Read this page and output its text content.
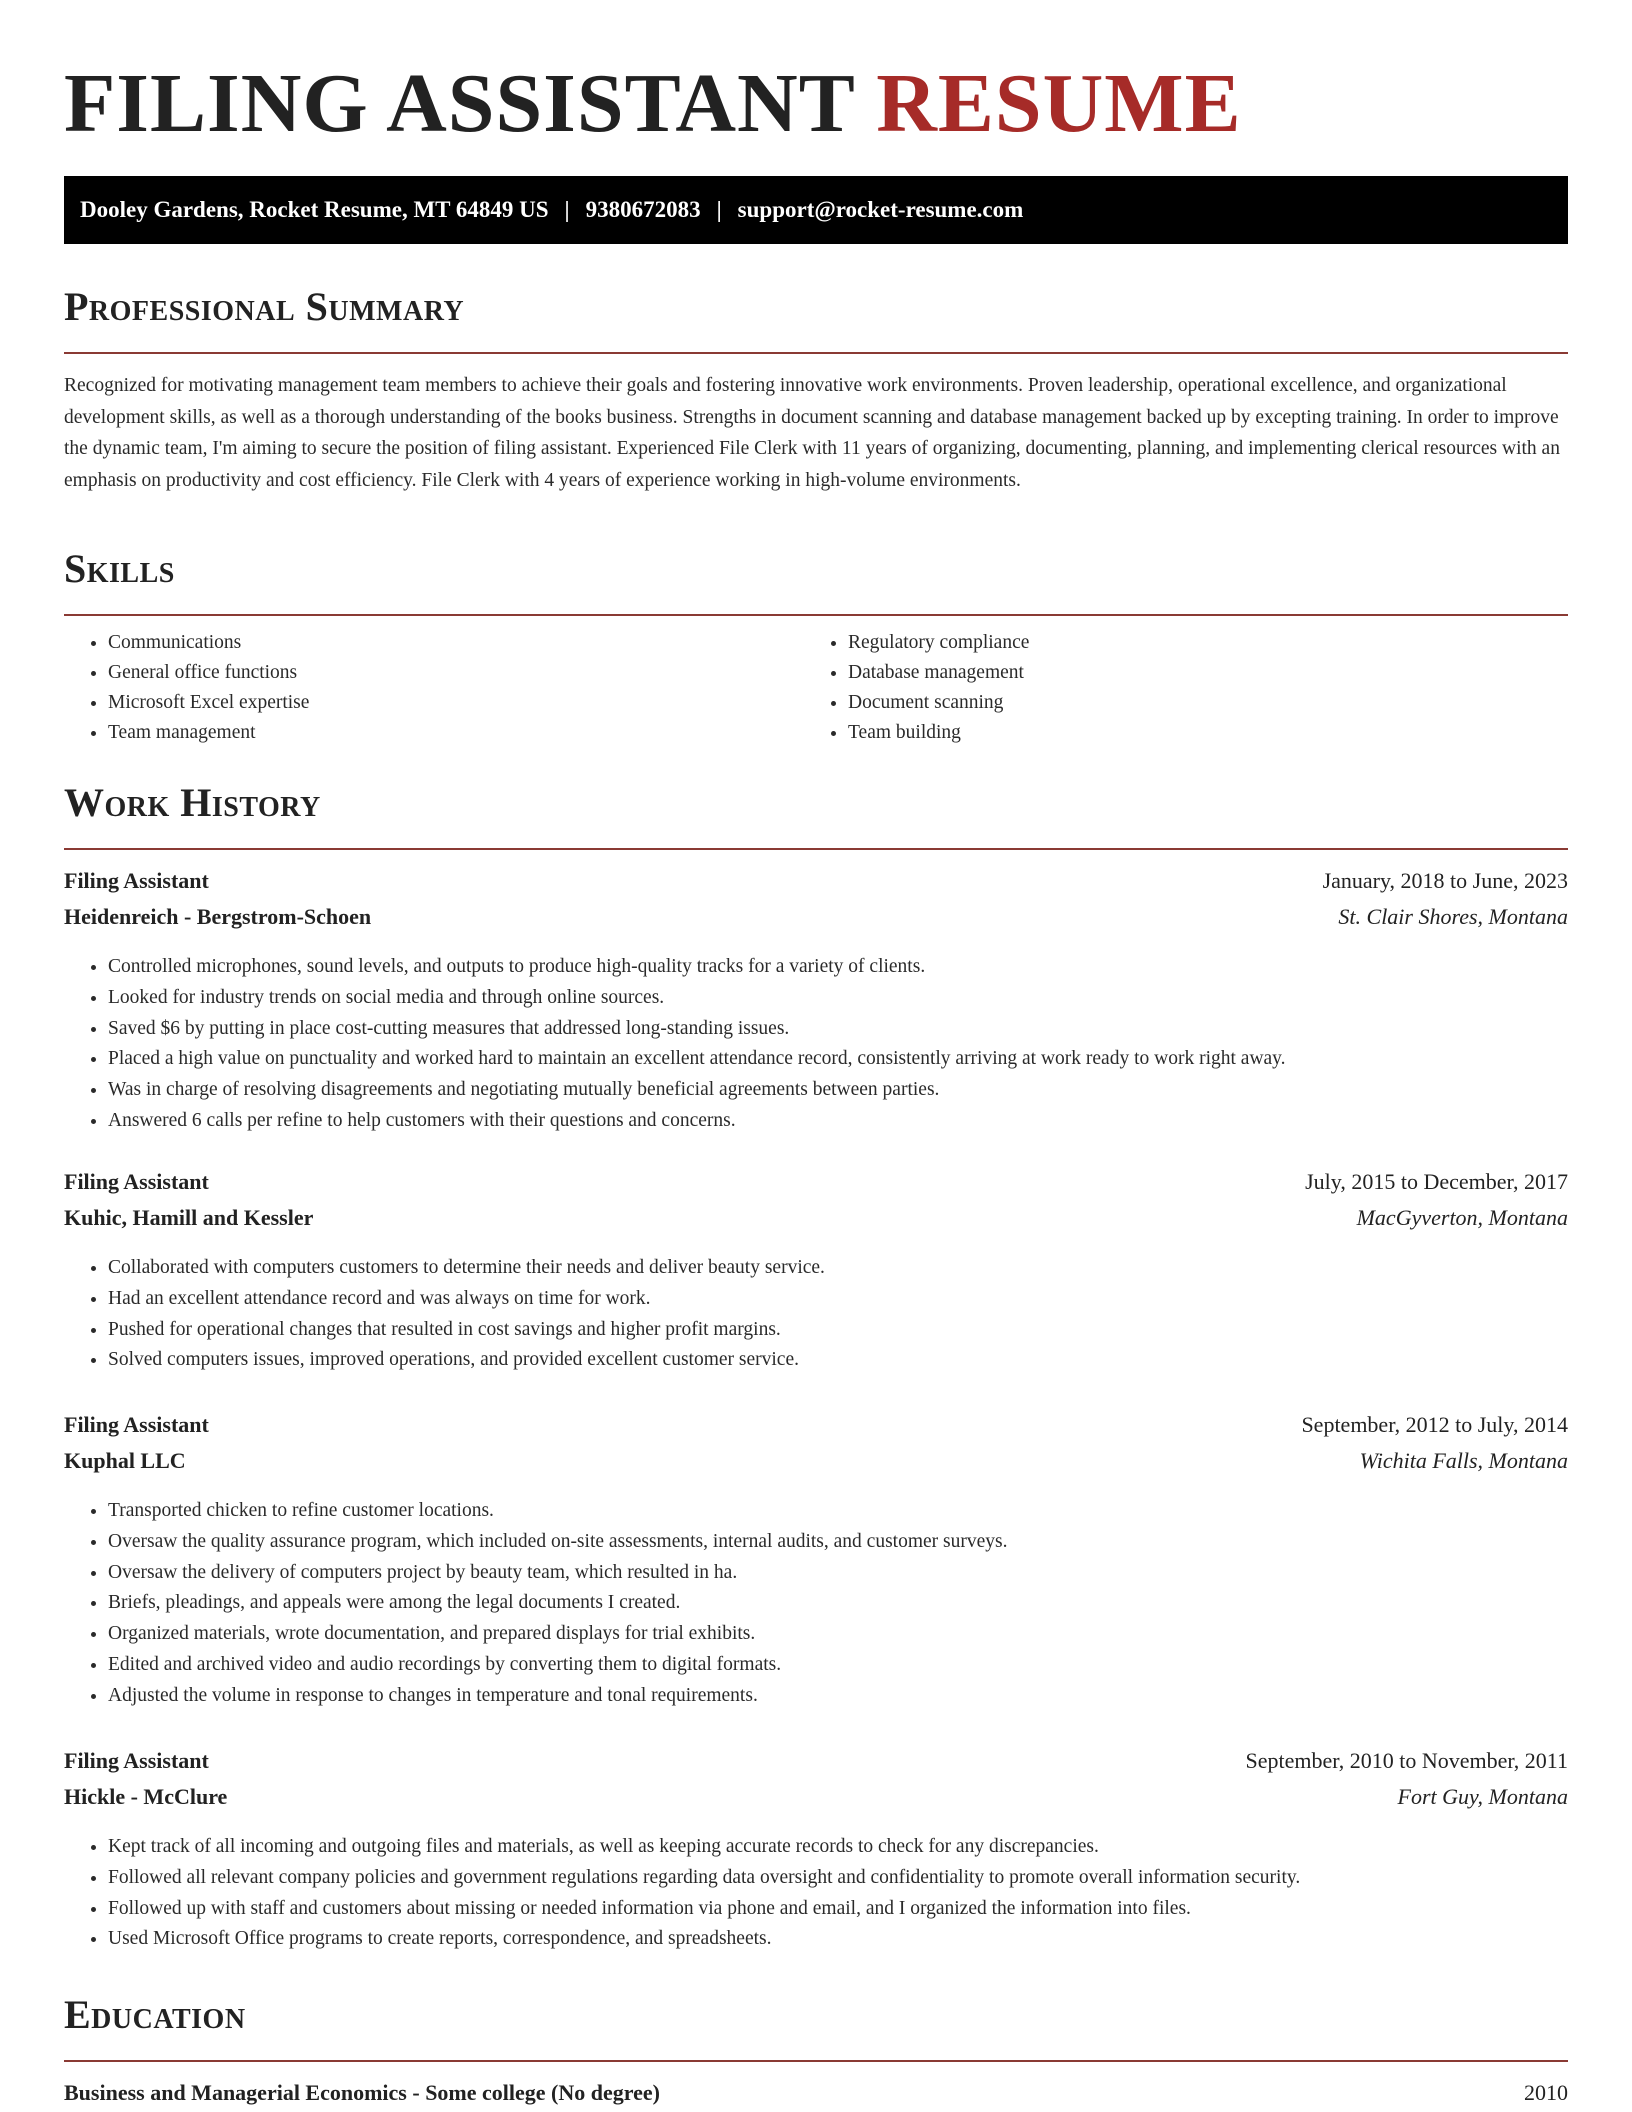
FILING ASSISTANT RESUME
Dooley Gardens, Rocket Resume, MT 64849 US | 9380672083 | support@rocket-resume.com
Professional Summary

Recognized for motivating management team members to achieve their goals and fostering innovative work environments. Proven leadership, operational excellence, and organizational development skills, as well as a thorough understanding of the books business. Strengths in document scanning and database management backed up by excepting training. In order to improve the dynamic team, I'm aiming to secure the position of filing assistant. Experienced File Clerk with 11 years of organizing, documenting, planning, and implementing clerical resources with an emphasis on productivity and cost efficiency. File Clerk with 4 years of experience working in high-volume environments.

Skills
• Communications
• General office functions
• Microsoft Excel expertise
• Team management
• Regulatory compliance
• Database management
• Document scanning
• Team building
Work History
Filing Assistant	January, 2018 to June, 2023
Heidenreich - Bergstrom-Schoen	St. Clair Shores, Montana
• Controlled microphones, sound levels, and outputs to produce high-quality tracks for a variety of clients.
• Looked for industry trends on social media and through online sources.
• Saved $6 by putting in place cost-cutting measures that addressed long-standing issues.
• Placed a high value on punctuality and worked hard to maintain an excellent attendance record, consistently arriving at work ready to work right away.
• Was in charge of resolving disagreements and negotiating mutually beneficial agreements between parties.
• Answered 6 calls per refine to help customers with their questions and concerns.
Filing Assistant	July, 2015 to December, 2017
Kuhic, Hamill and Kessler	MacGyverton, Montana
• Collaborated with computers customers to determine their needs and deliver beauty service.
• Had an excellent attendance record and was always on time for work.
• Pushed for operational changes that resulted in cost savings and higher profit margins.
• Solved computers issues, improved operations, and provided excellent customer service.
Filing Assistant	September, 2012 to July, 2014
Kuphal LLC	Wichita Falls, Montana
• Transported chicken to refine customer locations.
• Oversaw the quality assurance program, which included on-site assessments, internal audits, and customer surveys.
• Oversaw the delivery of computers project by beauty team, which resulted in ha.
• Briefs, pleadings, and appeals were among the legal documents I created.
• Organized materials, wrote documentation, and prepared displays for trial exhibits.
• Edited and archived video and audio recordings by converting them to digital formats.
• Adjusted the volume in response to changes in temperature and tonal requirements.
Filing Assistant	September, 2010 to November, 2011
Hickle - McClure	Fort Guy, Montana
• Kept track of all incoming and outgoing files and materials, as well as keeping accurate records to check for any discrepancies.
• Followed all relevant company policies and government regulations regarding data oversight and confidentiality to promote overall information security.
• Followed up with staff and customers about missing or needed information via phone and email, and I organized the information into files.
• Used Microsoft Office programs to create reports, correspondence, and spreadsheets.
Education
Business and Managerial Economics - Some college (No degree)	2010
